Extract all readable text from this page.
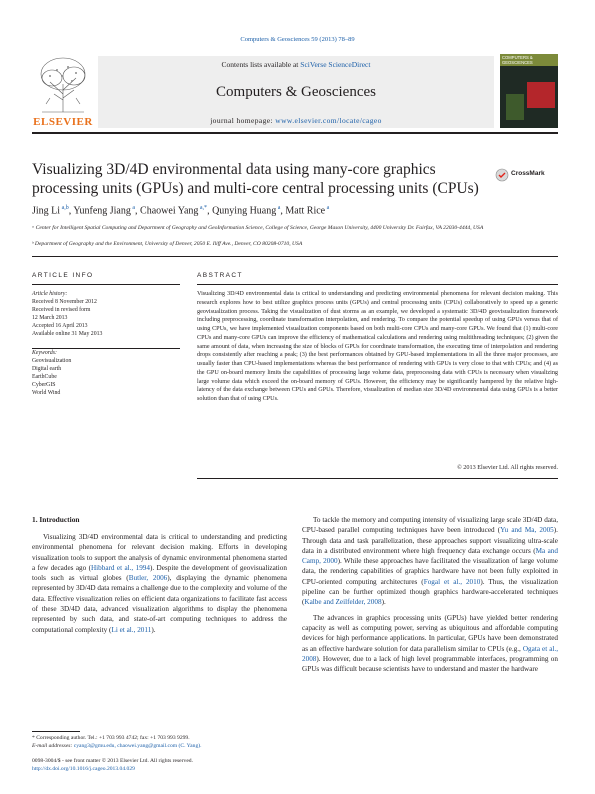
Computers & Geosciences 59 (2013) 78–89
ELSEVIER
Contents lists available at SciVerse ScienceDirect
Computers & Geosciences
journal homepage: www.elsevier.com/locate/cageo
COMPUTERS & GEOSCIENCES
Visualizing 3D/4D environmental data using many-core graphics processing units (GPUs) and multi-core central processing units (CPUs)
CrossMark
Jing Li $^{a,b}$, Yunfeng Jiang $^a$, Chaowei Yang $^{a,*}$, Qunying Huang $^a$, Matt Rice $^a$
ᵃ Center for Intelligent Spatial Computing and Department of Geography and GeoInformation Science, College of Science, George Mason University, 4400 University Dr. Fairfax, VA 22030-4444, USA
ᵇ Department of Geography and the Environment, University of Denver, 2050 E. Iliff Ave., Denver, CO 80208-0710, USA
ARTICLE INFO	ABSTRACT
Article history:
Received 8 November 2012
Received in revised form
12 March 2013
Accepted 16 April 2013
Available online 31 May 2013
Keywords:
Geovisualization
Digital earth
EarthCube
CyberGIS
World Wind
Visualizing 3D/4D environmental data is critical to understanding and predicting environmental phenomena for relevant decision making. This research explores how to best utilize graphics process units (GPUs) and central processing units (CPUs) collaboratively to speed up a generic geovisualization process. Taking the visualization of dust storms as an example, we developed a systematic 3D/4D geovisualization framework including preprocessing, coordinate transformation interpolation, and rendering. To compare the potential speedup of using GPUs versus that of using CPUs, we have implemented visualization components based on both multi-core CPUs and many-core GPUs. We found that (1) multi-core CPUs and many-core GPUs can improve the efficiency of mathematical calculations and rendering using multithreading techniques; (2) given the same amount of data, when increasing the size of blocks of GPUs for coordinate transformation, the executing time of interpolation and rendering drops consistently after reaching a peak; (3) the best performances obtained by GPU-based implementations in all the three major processes, are usually faster than CPU-based implementations whereas the best performance of rendering with GPUs is very close to that with CPUs; and (4) as the GPU on-board memory limits the capabilities of processing large volume data, preprocessing data with CPUs is necessary when visualizing large volume data which exceed the on-board memory of GPUs. However, the efficiency may be significantly hampered by the relative high-latency of the data exchange between CPUs and GPUs. Therefore, visualization of median size 3D/4D environmental data using GPUs is a better solution than that of using CPUs.
© 2013 Elsevier Ltd. All rights reserved.
1. Introduction
Visualizing 3D/4D environmental data is critical to understanding and predicting environmental phenomena for relevant decision making. Efforts in developing visualization tools to support the analysis of dynamic environmental phenomena started a few decades ago (Hibbard et al., 1994). Despite the development of geovisualization tools such as virtual globes (Butler, 2006), displaying the dynamic phenomena represented by 3D/4D data remains a challenge due to the complexity and volume of the data. Effective visualization relies on efficient data organizations to facilitate fast access of these 3D/4D data, advanced visualization algorithms to display the phenomena represented by such data, and state-of-art computing techniques to address the computational complexity (Li et al., 2011).
To tackle the memory and computing intensity of visualizing large scale 3D/4D data, CPU-based parallel computing techniques have been introduced (Yu and Ma, 2005). Through data and task parallelization, these approaches support visualizing ultra-scale data in a distributed environment where high frequency data exchange occurs (Ma and Camp, 2000). While these approaches have facilitated the visualization of large volume data, the rendering capabilities of graphics hardware have not been fully exploited in CPU-oriented computing architectures (Fogal et al., 2010). Thus, the visualization pipeline can be further optimized though graphics hardware-accelerated techniques (Kalbe and Zeilfelder, 2008).
The advances in graphics processing units (GPUs) have yielded better rendering capacity as well as computing power, serving as ubiquitous and affordable computing devices for high performance applications. In particular, GPUs have been demonstrated as an effective hardware solution for data parallelism similar to CPUs (e.g., Ogata et al., 2008). However, due to a lack of high level programmable interfaces, programming on GPUs was difficult because scientists have to understand and master the hardware
* Corresponding author. Tel.: +1 703 993 4742; fax: +1 703 993 9299.
E-mail addresses: cyang3@gmu.edu, chaowei.yang@gmail.com (C. Yang).
0098-3004/$ - see front matter © 2013 Elsevier Ltd. All rights reserved.
http://dx.doi.org/10.1016/j.cageo.2013.04.029
